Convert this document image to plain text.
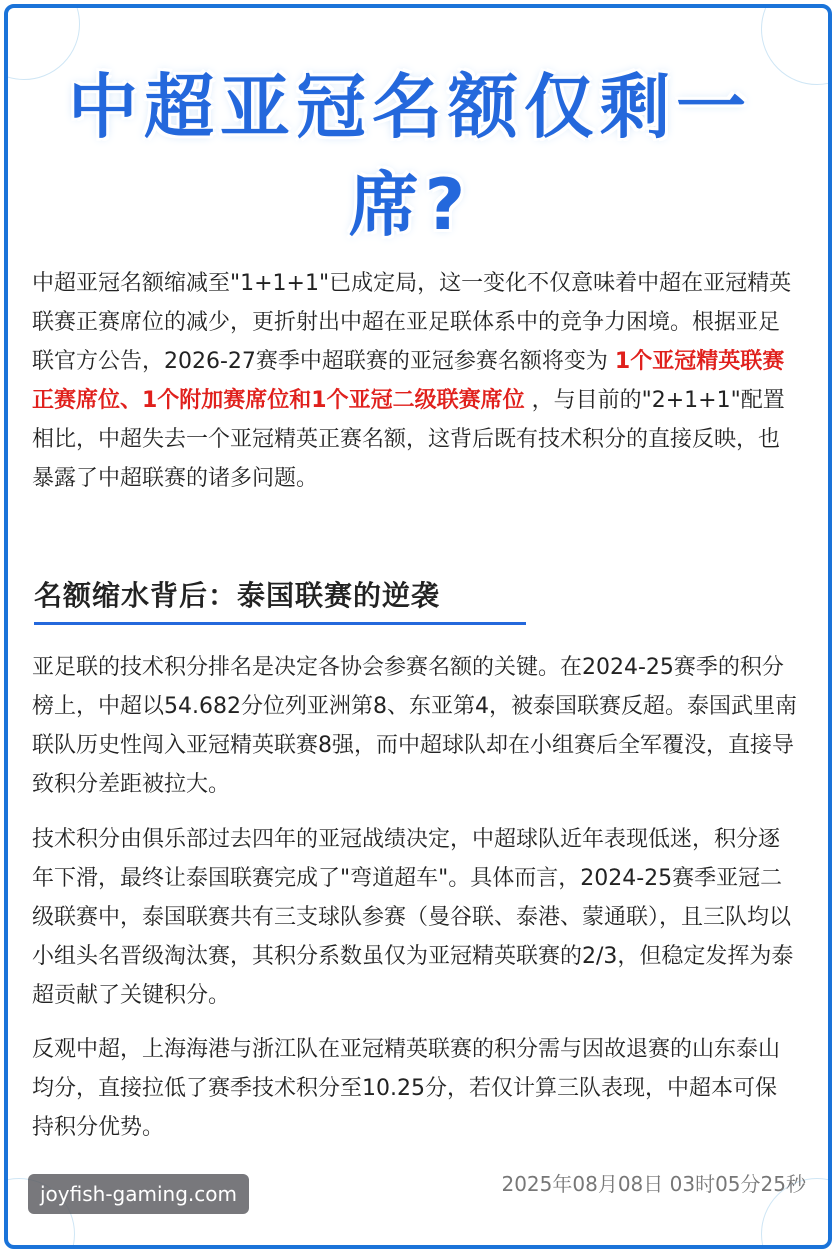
中超亚冠名额仅剩一席?

中超亚冠名额缩减至"1+1+1"已成定局，这一变化不仅意味着中超在亚冠精英联赛正赛席位的减少，更折射出中超在亚足联体系中的竞争力困境。根据亚足联官方公告，2026-27赛季中超联赛的亚冠参赛名额将变为 1个亚冠精英联赛正赛席位、1个附加赛席位和1个亚冠二级联赛席位 ，与目前的"2+1+1"配置相比，中超失去一个亚冠精英正赛名额，这背后既有技术积分的直接反映，也暴露了中超联赛的诸多问题。

名额缩水背后：泰国联赛的逆袭

亚足联的技术积分排名是决定各协会参赛名额的关键。在2024-25赛季的积分榜上，中超以54.682分位列亚洲第8、东亚第4，被泰国联赛反超。泰国武里南联队历史性闯入亚冠精英联赛8强，而中超球队却在小组赛后全军覆没，直接导致积分差距被拉大。

技术积分由俱乐部过去四年的亚冠战绩决定，中超球队近年表现低迷，积分逐年下滑，最终让泰国联赛完成了"弯道超车"。具体而言，2024-25赛季亚冠二级联赛中，泰国联赛共有三支球队参赛（曼谷联、泰港、蒙通联），且三队均以小组头名晋级淘汰赛，其积分系数虽仅为亚冠精英联赛的2/3，但稳定发挥为泰超贡献了关键积分。

反观中超，上海海港与浙江队在亚冠精英联赛的积分需与因故退赛的山东泰山均分，直接拉低了赛季技术积分至10.25分，若仅计算三队表现，中超本可保持积分优势。

2025年08月08日 03时05分25秒
joyfish-gaming.com
